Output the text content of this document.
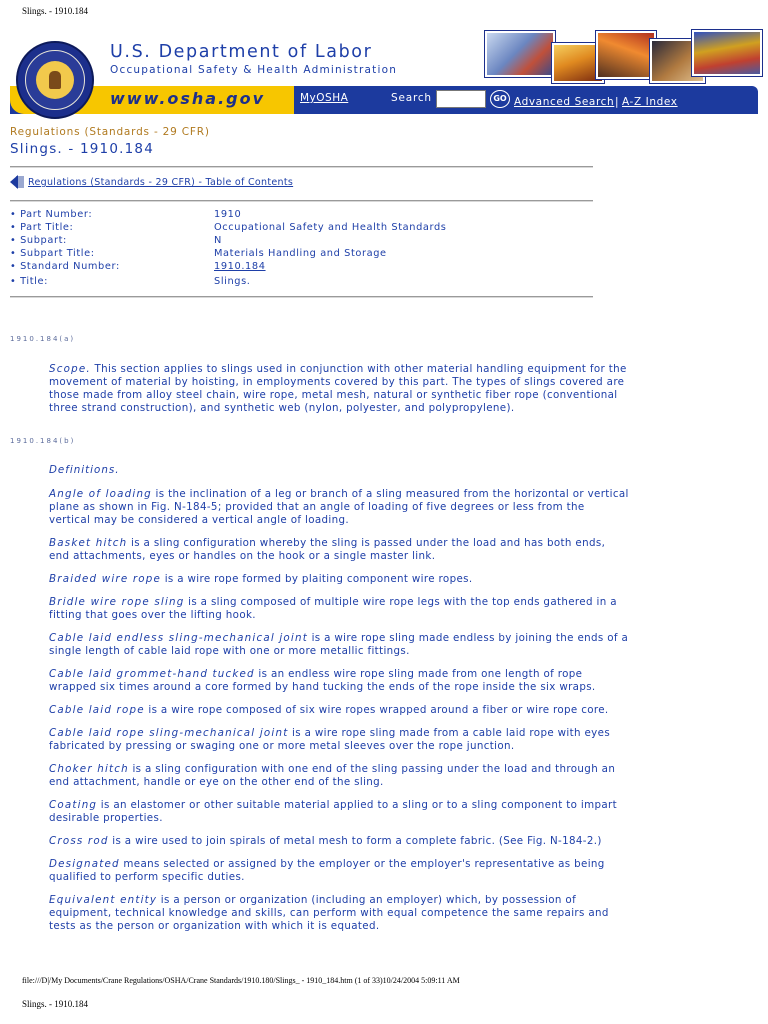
Slings. - 1910.184
U.S. Department of Labor
Occupational Safety & Health Administration
www.osha.gov	MyOSHA	Search	GO Advanced Search | A-Z Index
Regulations (Standards - 29 CFR)
Slings. - 1910.184
Regulations (Standards - 29 CFR) - Table of Contents
• Part Number:	1910
• Part Title:	Occupational Safety and Health Standards
• Subpart:	N
• Subpart Title:	Materials Handling and Storage
• Standard Number:	1910.184
• Title:	Slings.
1910.184(a)

Scope. This section applies to slings used in conjunction with other material handling equipment for the movement of material by hoisting, in employments covered by this part. The types of slings covered are those made from alloy steel chain, wire rope, metal mesh, natural or synthetic fiber rope (conventional three strand construction), and synthetic web (nylon, polyester, and polypropylene).

1910.184(b)

Definitions.

Angle of loading is the inclination of a leg or branch of a sling measured from the horizontal or vertical plane as shown in Fig. N-184-5; provided that an angle of loading of five degrees or less from the vertical may be considered a vertical angle of loading.

Basket hitch is a sling configuration whereby the sling is passed under the load and has both ends, end attachments, eyes or handles on the hook or a single master link.

Braided wire rope is a wire rope formed by plaiting component wire ropes.

Bridle wire rope sling is a sling composed of multiple wire rope legs with the top ends gathered in a fitting that goes over the lifting hook.

Cable laid endless sling-mechanical joint is a wire rope sling made endless by joining the ends of a single length of cable laid rope with one or more metallic fittings.

Cable laid grommet-hand tucked is an endless wire rope sling made from one length of rope wrapped six times around a core formed by hand tucking the ends of the rope inside the six wraps.

Cable laid rope is a wire rope composed of six wire ropes wrapped around a fiber or wire rope core.

Cable laid rope sling-mechanical joint is a wire rope sling made from a cable laid rope with eyes fabricated by pressing or swaging one or more metal sleeves over the rope junction.

Choker hitch is a sling configuration with one end of the sling passing under the load and through an end attachment, handle or eye on the other end of the sling.

Coating is an elastomer or other suitable material applied to a sling or to a sling component to impart desirable properties.

Cross rod is a wire used to join spirals of metal mesh to form a complete fabric. (See Fig. N-184-2.)

Designated means selected or assigned by the employer or the employer's representative as being qualified to perform specific duties.

Equivalent entity is a person or organization (including an employer) which, by possession of equipment, technical knowledge and skills, can perform with equal competence the same repairs and tests as the person or organization with which it is equated.

file:///D|/My Documents/Crane Regulations/OSHA/Crane Standards/1910.180/Slings_ - 1910_184.htm (1 of 33)10/24/2004 5:09:11 AM
Slings. - 1910.184
